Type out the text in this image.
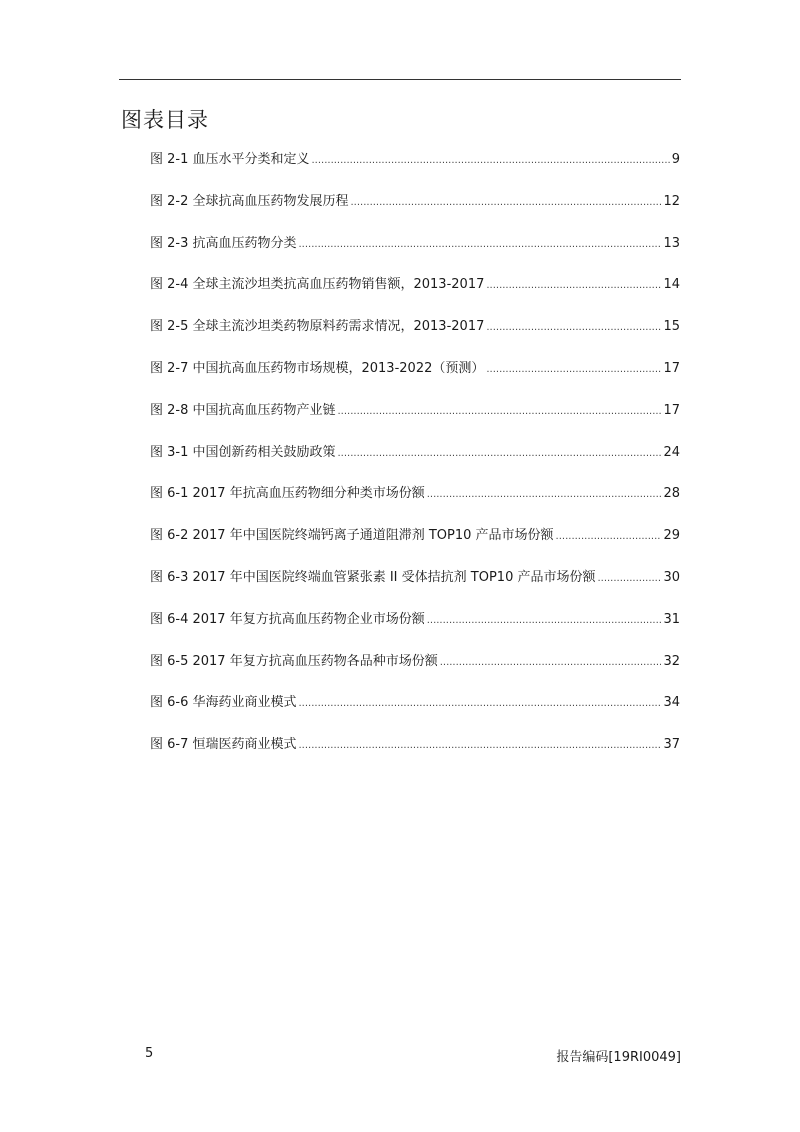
图表目录
图 2-1 血压水平分类和定义 .....	9
图 2-2 全球抗高血压药物发展历程 .....	12
图 2-3 抗高血压药物分类 .....	13
图 2-4 全球主流沙坦类抗高血压药物销售额，2013-2017 .....	14
图 2-5 全球主流沙坦类药物原料药需求情况，2013-2017 .....	15
图 2-7 中国抗高血压药物市场规模，2013-2022（预测） .....	17
图 2-8 中国抗高血压药物产业链 .....	17
图 3-1 中国创新药相关鼓励政策 .....	24
图 6-1 2017 年抗高血压药物细分种类市场份额 .....	28
图 6-2 2017 年中国医院终端钙离子通道阻滞剂 TOP10 产品市场份额 .....	29
图 6-3 2017 年中国医院终端血管紧张素 II 受体拮抗剂 TOP10 产品市场份额 .....	30
图 6-4 2017 年复方抗高血压药物企业市场份额 .....	31
图 6-5 2017 年复方抗高血压药物各品种市场份额 .....	32
图 6-6 华海药业商业模式 .....	34
图 6-7 恒瑞医药商业模式 .....	37
5	报告编码[19RI0049]
